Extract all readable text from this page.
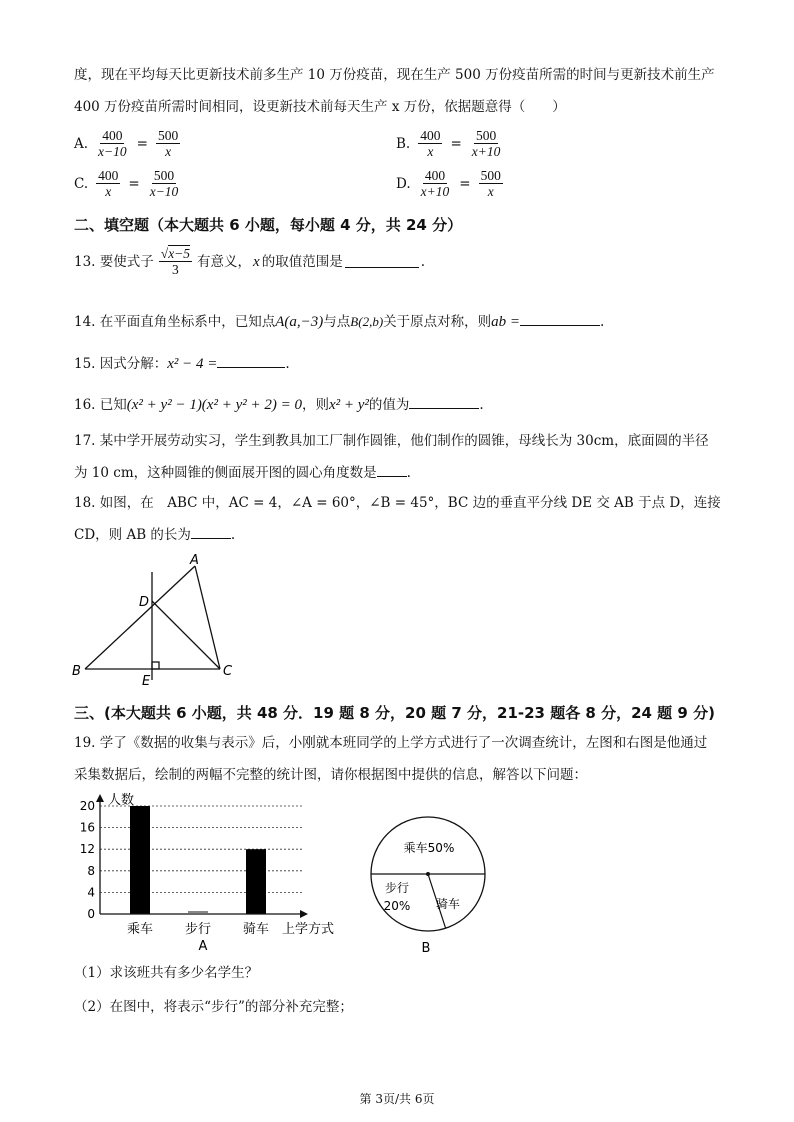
度，现在平均每天比更新技术前多生产 10 万份疫苗，现在生产 500 万份疫苗所需的时间与更新技术前生产
400 万份疫苗所需时间相同，设更新技术前每天生产 x 万份，依据题意得（　　）
A. $\frac{400}{x-10} = \frac{500}{x}$	B. $\frac{400}{x} = \frac{500}{x+10}$
C. $\frac{400}{x} = \frac{500}{x-10}$	D. $\frac{400}{x+10} = \frac{500}{x}$
二、填空题（本大题共 6 小题，每小题 4 分，共 24 分）
13. 要使式子 $\frac{√x-5}{3}$ 有意义， x 的取值范围是	.
14. 在平面直角坐标系中，已知点A(a,−3)与点B(2,b)关于原点对称，则ab =	.
15. 因式分解：x² − 4 =	.
16. 已知(x² + y² − 1)(x² + y² + 2) = 0，则x² + y²的值为	.
17. 某中学开展劳动实习，学生到教具加工厂制作圆锥，他们制作的圆锥，母线长为 30cm，底面圆的半径
为 10 cm，这种圆锥的侧面展开图的圆心角度数是 .
18. 如图，在　ABC 中，AC = 4，∠A = 60°，∠B = 45°，BC 边的垂直平分线 DE 交 AB 于点 D，连接
CD，则 AB 的长为	.
A
D
B	C
E
三、(本大题共 6 小题，共 48 分．19 题 8 分，20 题 7 分，21-23 题各 8 分，24 题 9 分)
19. 学了《数据的收集与表示》后，小刚就本班同学的上学方式进行了一次调查统计，左图和右图是他通过
采集数据后，绘制的两幅不完整的统计图，请你根据图中提供的信息，解答以下问题：
0
4
8
12
16
20
乘车 步行 骑车
人数
上学方式
A
乘车50%
步行
20% 骑车
B
（1）求该班共有多少名学生？
（2）在图中，将表示“步行”的部分补充完整；
第 3页/共 6页
